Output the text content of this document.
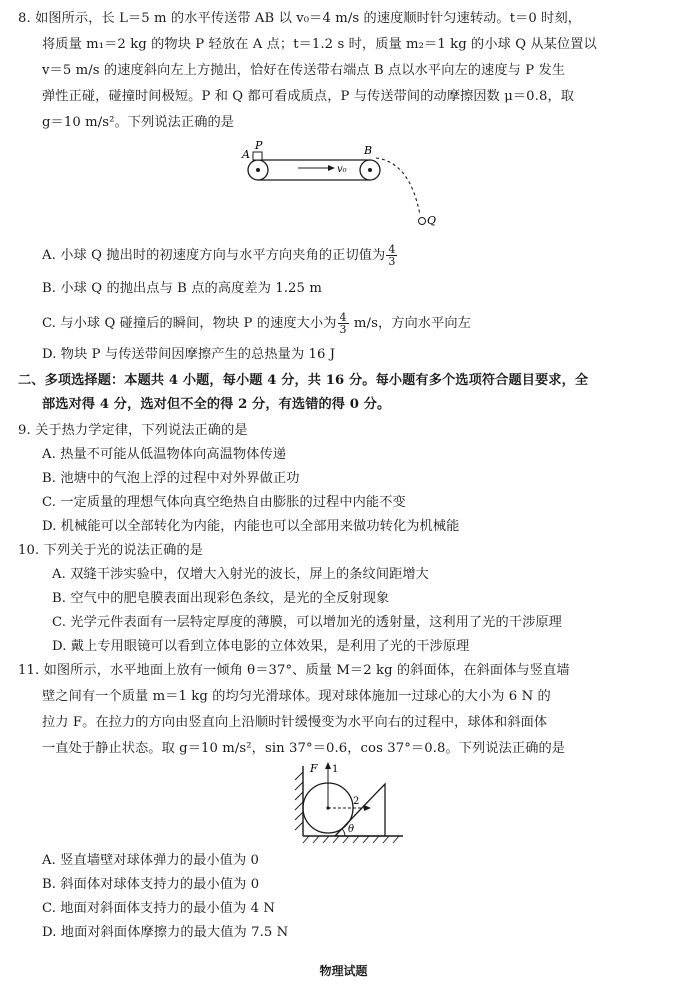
8. 如图所示，长 L＝5 m 的水平传送带 AB 以 v₀＝4 m/s 的速度顺时针匀速转动。t＝0 时刻，
将质量 m₁＝2 kg 的物块 P 轻放在 A 点；t＝1.2 s 时，质量 m₂＝1 kg 的小球 Q 从某位置以
v＝5 m/s 的速度斜向左上方抛出，恰好在传送带右端点 B 点以水平向左的速度与 P 发生
弹性正碰，碰撞时间极短。P 和 Q 都可看成质点，P 与传送带间的动摩擦因数 μ＝0.8，取
g＝10 m/s²。下列说法正确的是
A
P	B
v₀
Q
A. 小球 Q 抛出时的初速度方向与水平方向夹角的正切值为 $\frac{4}{3}$
B. 小球 Q 的抛出点与 B 点的高度差为 1.25 m
C. 与小球 Q 碰撞后的瞬间，物块 P 的速度大小为 $\frac{4}{3} m/s$，方向水平向左
D. 物块 P 与传送带间因摩擦产生的总热量为 16 J
二、多项选择题：本题共 4 小题，每小题 4 分，共 16 分。每小题有多个选项符合题目要求，全
部选对得 4 分，选对但不全的得 2 分，有选错的得 0 分。
9. 关于热力学定律，下列说法正确的是
A. 热量不可能从低温物体向高温物体传递
B. 池塘中的气泡上浮的过程中对外界做正功
C. 一定质量的理想气体向真空绝热自由膨胀的过程中内能不变
D. 机械能可以全部转化为内能，内能也可以全部用来做功转化为机械能
10. 下列关于光的说法正确的是
A. 双缝干涉实验中，仅增大入射光的波长，屏上的条纹间距增大
B. 空气中的肥皂膜表面出现彩色条纹，是光的全反射现象
C. 光学元件表面有一层特定厚度的薄膜，可以增加光的透射量，这利用了光的干涉原理
D. 戴上专用眼镜可以看到立体电影的立体效果，是利用了光的干涉原理
11. 如图所示，水平地面上放有一倾角 θ＝37°、质量 M＝2 kg 的斜面体，在斜面体与竖直墙
壁之间有一个质量 m＝1 kg 的均匀光滑球体。现对球体施加一过球心的大小为 6 N 的
拉力 F。在拉力的方向由竖直向上沿顺时针缓慢变为水平向右的过程中，球体和斜面体
一直处于静止状态。取 g＝10 m/s²，sin 37°＝0.6，cos 37°＝0.8。下列说法正确的是
F 1
2
θ
A. 竖直墙壁对球体弹力的最小值为 0
B. 斜面体对球体支持力的最小值为 0
C. 地面对斜面体支持力的最小值为 4 N
D. 地面对斜面体摩擦力的最大值为 7.5 N
物理试题
